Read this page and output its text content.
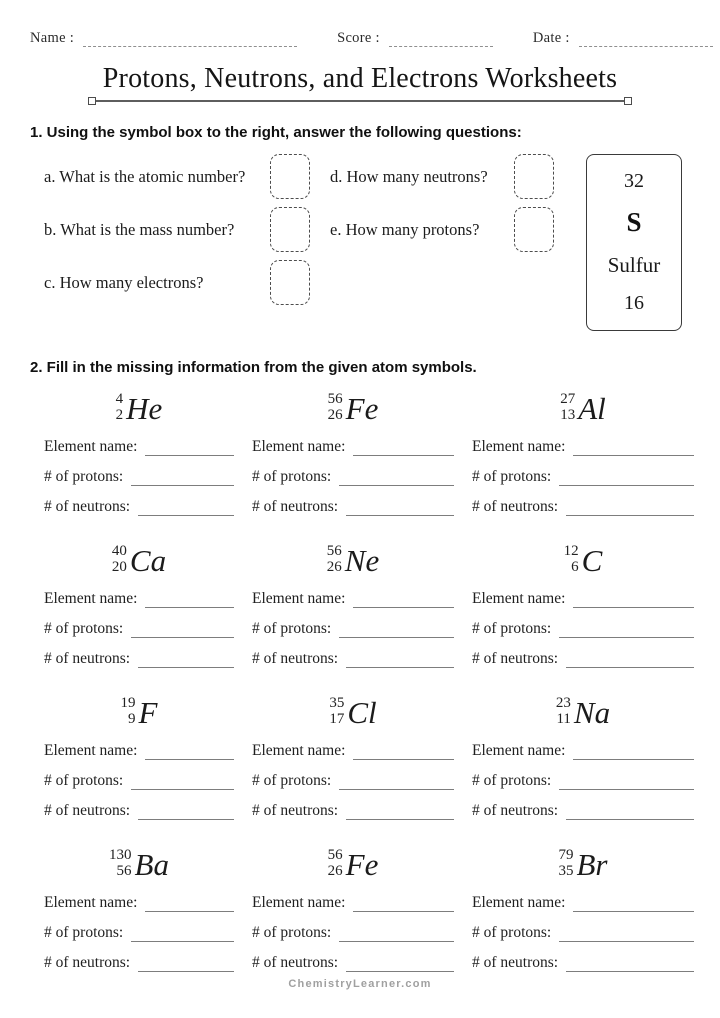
Name :	Score :	Date :
Protons, Neutrons, and Electrons Worksheets
1. Using the symbol box to the right, answer the following questions:
a. What is the atomic number?	d. How many neutrons?
b. What is the mass number?	e. How many protons?
c. How many electrons?
32
S
Sulfur
16
2. Fill in the missing information from the given atom symbols.
4
2 He
Element name:
# of protons:
# of neutrons:
56
26 Fe
Element name:
# of protons:
# of neutrons:
27
13 Al
Element name:
# of protons:
# of neutrons:
40
20 Ca
Element name:
# of protons:
# of neutrons:
56
26 Ne
Element name:
# of protons:
# of neutrons:
12
6 C
Element name:
# of protons:
# of neutrons:
19
9 F
Element name:
# of protons:
# of neutrons:
35
17 Cl
Element name:
# of protons:
# of neutrons:
23
11 Na
Element name:
# of protons:
# of neutrons:
130
56 Ba
Element name:
# of protons:
# of neutrons:
56
26 Fe
Element name:
# of protons:
# of neutrons:
79
35 Br
Element name:
# of protons:
# of neutrons:
ChemistryLearner.com
